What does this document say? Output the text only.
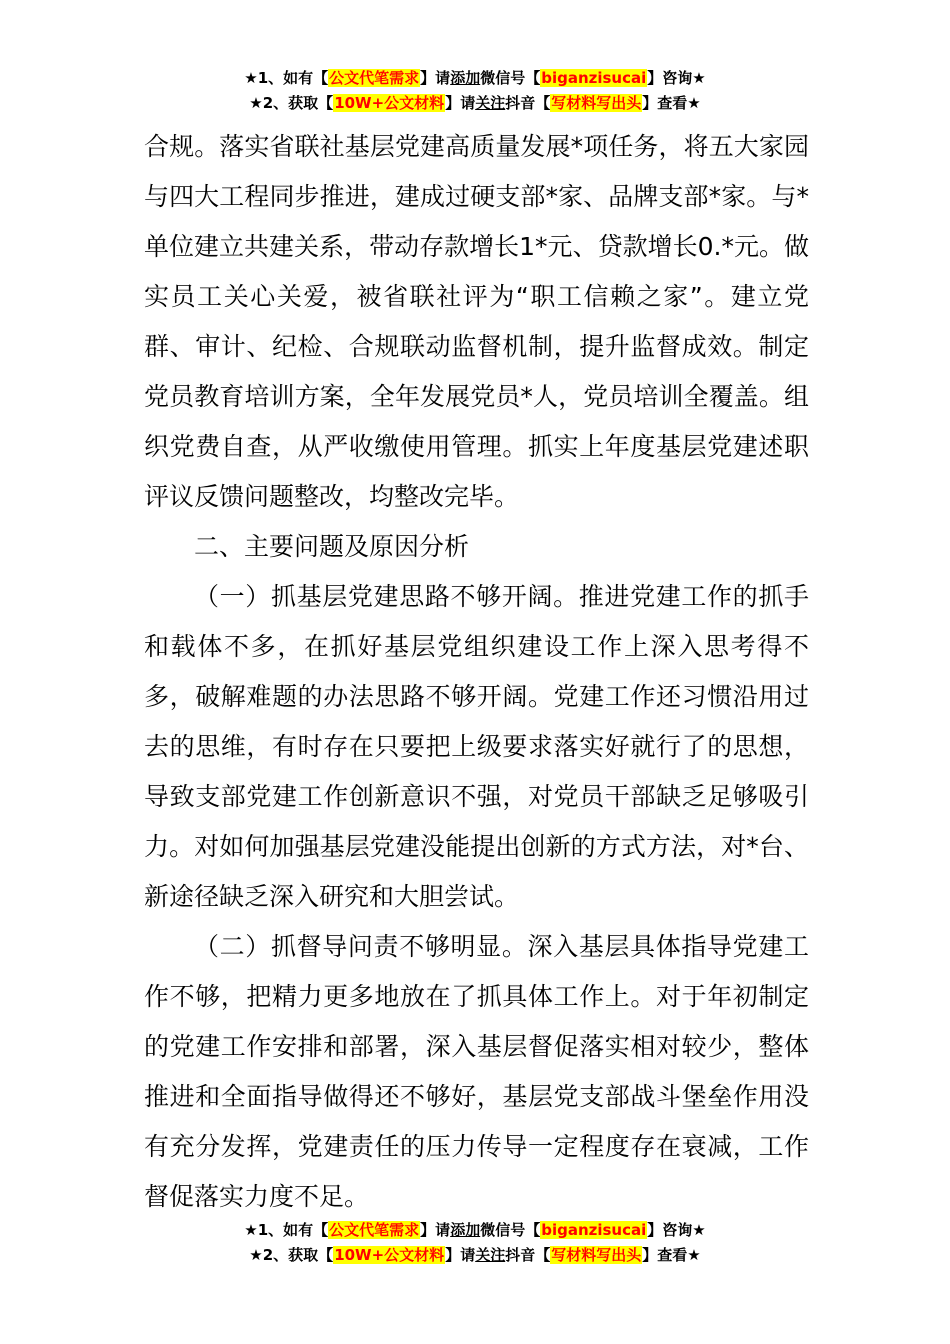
★1、如有【公文代笔需求】请添加微信号【biganzisucai】咨询★
★2、获取【10W+公文材料】请关注抖音【写材料写出头】查看★

合规。落实省联社基层党建高质量发展*项任务，将五大家园与四大工程同步推进，建成过硬支部*家、品牌支部*家。与*单位建立共建关系，带动存款增长1*元、贷款增长0.*元。做实员工关心关爱，被省联社评为“职工信赖之家”。建立党群、审计、纪检、合规联动监督机制，提升监督成效。制定党员教育培训方案，全年发展党员*人，党员培训全覆盖。组织党费自查，从严收缴使用管理。抓实上年度基层党建述职评议反馈问题整改，均整改完毕。

二、主要问题及原因分析

（一）抓基层党建思路不够开阔。推进党建工作的抓手和载体不多，在抓好基层党组织建设工作上深入思考得不多，破解难题的办法思路不够开阔。党建工作还习惯沿用过去的思维，有时存在只要把上级要求落实好就行了的思想，导致支部党建工作创新意识不强，对党员干部缺乏足够吸引力。对如何加强基层党建没能提出创新的方式方法，对*台、新途径缺乏深入研究和大胆尝试。

（二）抓督导问责不够明显。深入基层具体指导党建工作不够，把精力更多地放在了抓具体工作上。对于年初制定的党建工作安排和部署，深入基层督促落实相对较少，整体推进和全面指导做得还不够好，基层党支部战斗堡垒作用没有充分发挥，党建责任的压力传导一定程度存在衰减，工作督促落实力度不足。

★1、如有【公文代笔需求】请添加微信号【biganzisucai】咨询★
★2、获取【10W+公文材料】请关注抖音【写材料写出头】查看★
